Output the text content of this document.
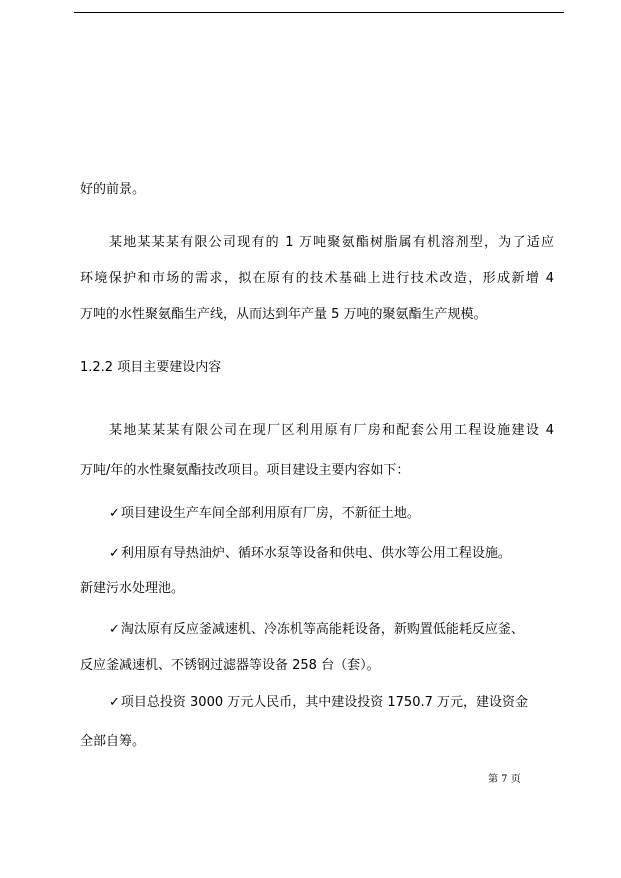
好的前景。
某地某某某有限公司现有的 1 万吨聚氨酯树脂属有机溶剂型，为了适应
环境保护和市场的需求，拟在原有的技术基础上进行技术改造，形成新增 4
万吨的水性聚氨酯生产线，从而达到年产量 5 万吨的聚氨酯生产规模。
1.2.2 项目主要建设内容
某地某某某有限公司在现厂区利用原有厂房和配套公用工程设施建设 4
万吨/年的水性聚氨酯技改项目。项目建设主要内容如下：
✓项目建设生产车间全部利用原有厂房，不新征土地。
✓利用原有导热油炉、循环水泵等设备和供电、供水等公用工程设施。
新建污水处理池。
✓淘汰原有反应釜减速机、冷冻机等高能耗设备，新购置低能耗反应釜、
反应釜减速机、不锈钢过滤器等设备 258 台（套）。
✓项目总投资 3000 万元人民币，其中建设投资 1750.7 万元，建设资金
全部自筹。
第 7 页
